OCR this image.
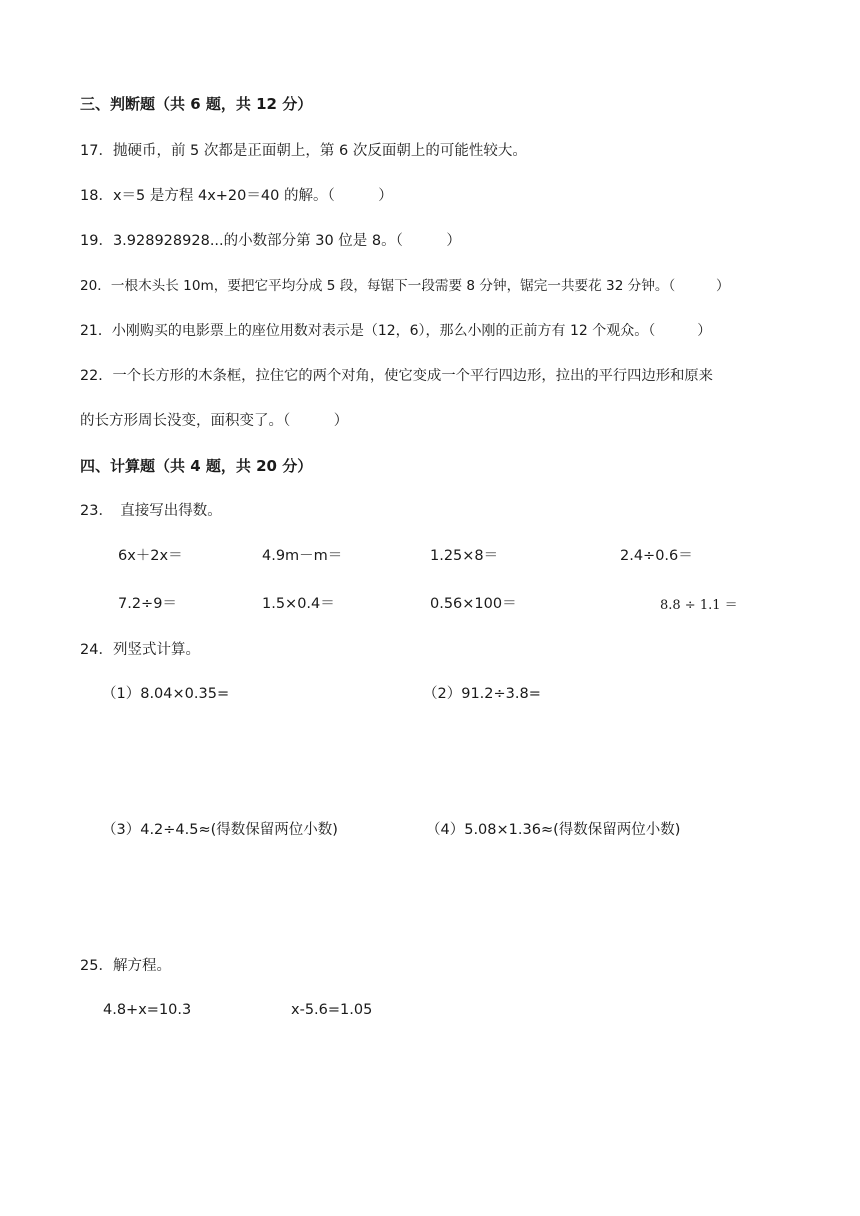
三、判断题（共 6 题，共 12 分）
17．抛硬币，前 5 次都是正面朝上，第 6 次反面朝上的可能性较大。
18．x＝5 是方程 4x+20＝40 的解。（　　　）
19．3.928928928...的小数部分第 30 位是 8。（　　　）
20．一根木头长 10m，要把它平均分成 5 段，每锯下一段需要 8 分钟，锯完一共要花 32 分钟。（　　　）
21．小刚购买的电影票上的座位用数对表示是（12，6），那么小刚的正前方有 12 个观众。（　　　）
22．一个长方形的木条框，拉住它的两个对角，使它变成一个平行四边形，拉出的平行四边形和原来
的长方形周长没变，面积变了。（　　　）
四、计算题（共 4 题，共 20 分）
23．　直接写出得数。
6x＋2x＝	4.9m－m＝	1.25×8＝	2.4÷0.6＝
7.2÷9＝	1.5×0.4＝	0.56×100＝	8.8 ÷ 1.1 ＝
24．列竖式计算。
（1）8.04×0.35=	（2）91.2÷3.8=
（3）4.2÷4.5≈(得数保留两位小数)	（4）5.08×1.36≈(得数保留两位小数)
25．解方程。
4.8+x=10.3	x-5.6=1.05
